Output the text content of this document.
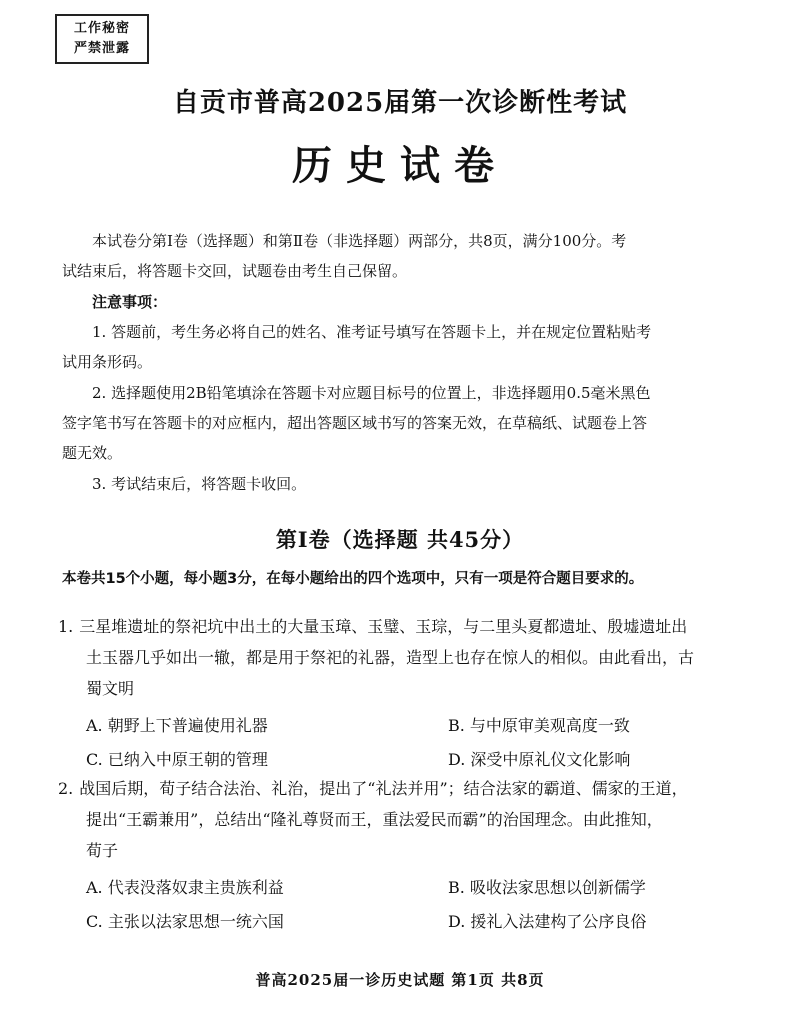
工作秘密
严禁泄露
自贡市普高2025届第一次诊断性考试
历史试卷
本试卷分第Ⅰ卷（选择题）和第Ⅱ卷（非选择题）两部分，共8页，满分100分。考

试结束后，将答题卡交回，试题卷由考生自己保留。
注意事项：
1. 答题前，考生务必将自己的姓名、准考证号填写在答题卡上，并在规定位置粘贴考
试用条形码。
2. 选择题使用2B铅笔填涂在答题卡对应题目标号的位置上，非选择题用0.5毫米黑色
签字笔书写在答题卡的对应框内，超出答题区域书写的答案无效，在草稿纸、试题卷上答
题无效。
3. 考试结束后，将答题卡收回。
第Ⅰ卷（选择题 共45分）
本卷共15个小题，每小题3分，在每小题给出的四个选项中，只有一项是符合题目要求的。
1. 三星堆遗址的祭祀坑中出土的大量玉璋、玉璧、玉琮，与二里头夏都遗址、殷墟遗址出
土玉器几乎如出一辙，都是用于祭祀的礼器，造型上也存在惊人的相似。由此看出，古
蜀文明
A. 朝野上下普遍使用礼器	B. 与中原审美观高度一致
C. 已纳入中原王朝的管理	D. 深受中原礼仪文化影响
2. 战国后期，荀子结合法治、礼治，提出了“礼法并用”；结合法家的霸道、儒家的王道，
提出“王霸兼用”，总结出“隆礼尊贤而王，重法爱民而霸”的治国理念。由此推知，
荀子
A. 代表没落奴隶主贵族利益	B. 吸收法家思想以创新儒学
C. 主张以法家思想一统六国	D. 援礼入法建构了公序良俗
普高2025届一诊历史试题 第1页 共8页
